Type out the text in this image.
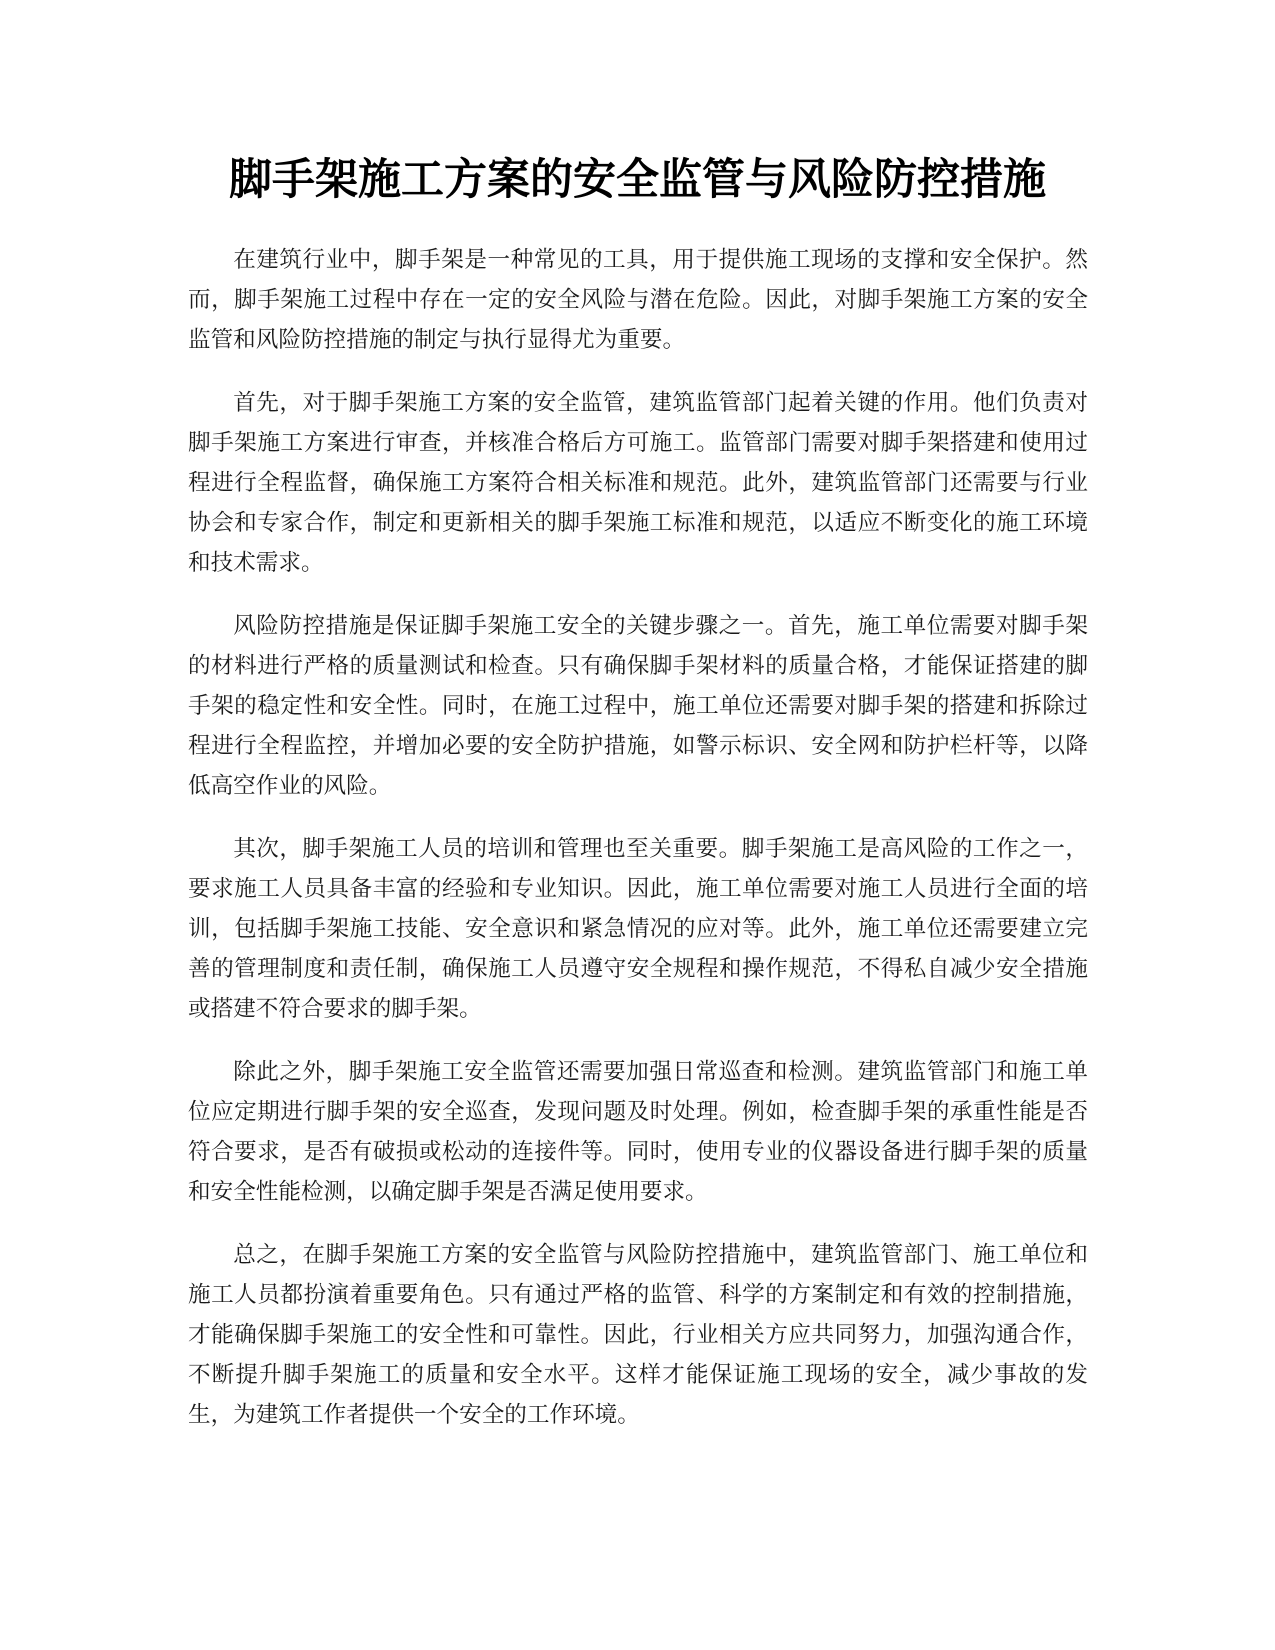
脚手架施工方案的安全监管与风险防控措施

在建筑行业中，脚手架是一种常见的工具，用于提供施工现场的支撑和安全保护。然而，脚手架施工过程中存在一定的安全风险与潜在危险。因此，对脚手架施工方案的安全监管和风险防控措施的制定与执行显得尤为重要。

首先，对于脚手架施工方案的安全监管，建筑监管部门起着关键的作用。他们负责对脚手架施工方案进行审查，并核准合格后方可施工。监管部门需要对脚手架搭建和使用过程进行全程监督，确保施工方案符合相关标准和规范。此外，建筑监管部门还需要与行业协会和专家合作，制定和更新相关的脚手架施工标准和规范，以适应不断变化的施工环境和技术需求。

风险防控措施是保证脚手架施工安全的关键步骤之一。首先，施工单位需要对脚手架的材料进行严格的质量测试和检查。只有确保脚手架材料的质量合格，才能保证搭建的脚手架的稳定性和安全性。同时，在施工过程中，施工单位还需要对脚手架的搭建和拆除过程进行全程监控，并增加必要的安全防护措施，如警示标识、安全网和防护栏杆等，以降低高空作业的风险。

其次，脚手架施工人员的培训和管理也至关重要。脚手架施工是高风险的工作之一，要求施工人员具备丰富的经验和专业知识。因此，施工单位需要对施工人员进行全面的培训，包括脚手架施工技能、安全意识和紧急情况的应对等。此外，施工单位还需要建立完善的管理制度和责任制，确保施工人员遵守安全规程和操作规范，不得私自减少安全措施或搭建不符合要求的脚手架。

除此之外，脚手架施工安全监管还需要加强日常巡查和检测。建筑监管部门和施工单位应定期进行脚手架的安全巡查，发现问题及时处理。例如，检查脚手架的承重性能是否符合要求，是否有破损或松动的连接件等。同时，使用专业的仪器设备进行脚手架的质量和安全性能检测，以确定脚手架是否满足使用要求。

总之，在脚手架施工方案的安全监管与风险防控措施中，建筑监管部门、施工单位和施工人员都扮演着重要角色。只有通过严格的监管、科学的方案制定和有效的控制措施，才能确保脚手架施工的安全性和可靠性。因此，行业相关方应共同努力，加强沟通合作，不断提升脚手架施工的质量和安全水平。这样才能保证施工现场的安全，减少事故的发生，为建筑工作者提供一个安全的工作环境。
